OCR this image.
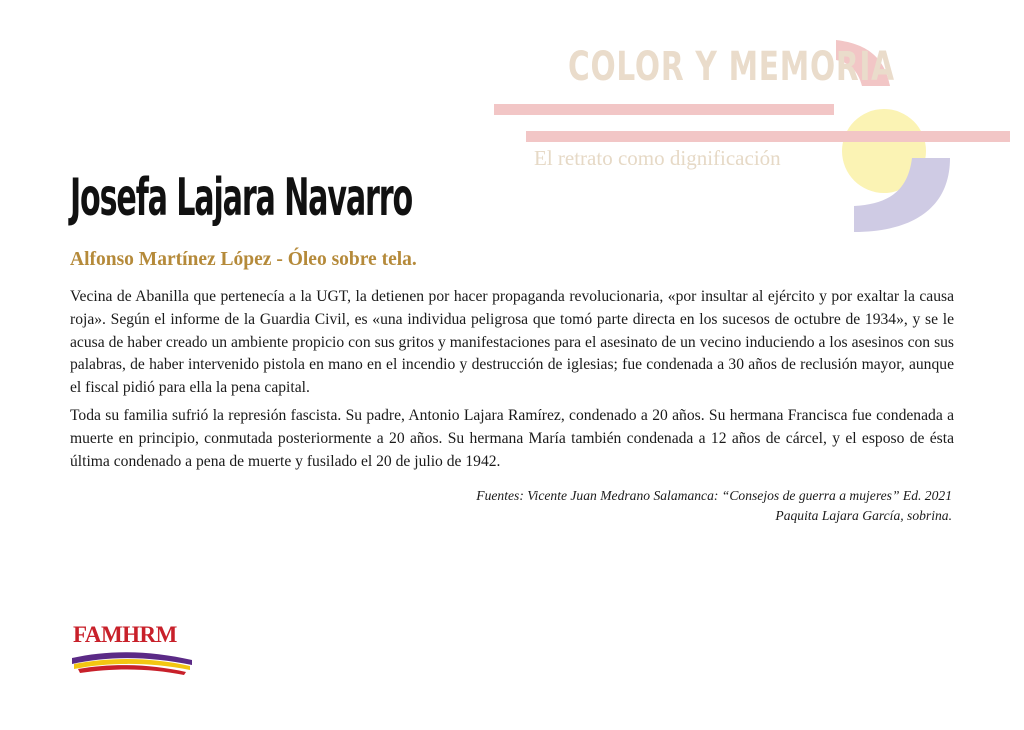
COLOR Y MEMORIA
El retrato como dignificación
Josefa Lajara Navarro
Alfonso Martínez López - Óleo sobre tela.

Vecina de Abanilla que pertenecía a la UGT, la detienen por hacer propaganda revolucionaria, «por insultar al ejército y por exaltar la causa roja». Según el informe de la Guardia Civil, es «una individua peligrosa que tomó parte directa en los sucesos de octubre de 1934», y se le acusa de haber creado un ambiente propicio con sus gritos y manifestaciones para el asesinato de un vecino induciendo a los asesinos con sus palabras, de haber intervenido pistola en mano en el incendio y destrucción de iglesias; fue condenada a 30 años de reclusión mayor, aunque el fiscal pidió para ella la pena capital.

Toda su familia sufrió la represión fascista. Su padre, Antonio Lajara Ramírez, condenado a 20 años. Su hermana Francisca fue condenada a muerte en principio, conmutada posteriormente a 20 años. Su hermana María también condenada a 12 años de cárcel, y el esposo de ésta última condenado a pena de muerte y fusilado el 20 de julio de 1942.

Fuentes: Vicente Juan Medrano Salamanca: “Consejos de guerra a mujeres” Ed. 2021
Paquita Lajara García, sobrina.
FAMHRM
